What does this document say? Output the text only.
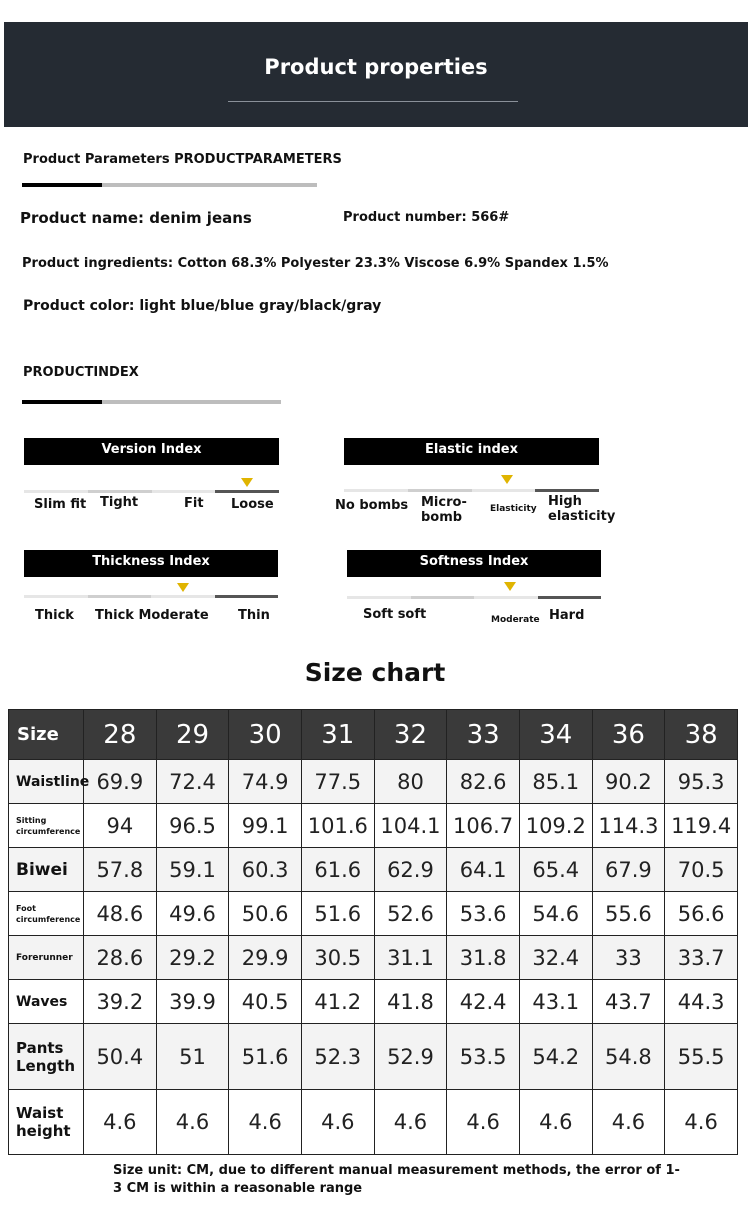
Product properties
Product Parameters PRODUCTPARAMETERS
Product name: denim jeans	Product number: 566#
Product ingredients: Cotton 68.3% Polyester 23.3% Viscose 6.9% Spandex 1.5%
Product color: light blue/blue gray/black/gray
PRODUCTINDEX
Version Index
Slim fit Tight	Fit Loose
Elastic index
No bombs Micro-
bomb
Elasticity High
elasticity
Thickness Index
Thick Thick Moderate Thin
Softness Index
Soft soft	Moderate Hard
Size chart
Size	28	29	30	31	32	33	34	36	38
Waistline	69.9	72.4	74.9	77.5	80	82.6	85.1	90.2	95.3
Sitting
circumference	94	96.5	99.1	101.6	104.1	106.7	109.2	114.3	119.4
Biwei	57.8	59.1	60.3	61.6	62.9	64.1	65.4	67.9	70.5
Foot
circumference	48.6	49.6	50.6	51.6	52.6	53.6	54.6	55.6	56.6
Forerunner	28.6	29.2	29.9	30.5	31.1	31.8	32.4	33	33.7
Waves	39.2	39.9	40.5	41.2	41.8	42.4	43.1	43.7	44.3
Pants
Length	50.4	51	51.6	52.3	52.9	53.5	54.2	54.8	55.5
Waist
height	4.6	4.6	4.6	4.6	4.6	4.6	4.6	4.6	4.6
Size unit: CM, due to different manual measurement methods, the error of 1-3 CM is within a reasonable range
